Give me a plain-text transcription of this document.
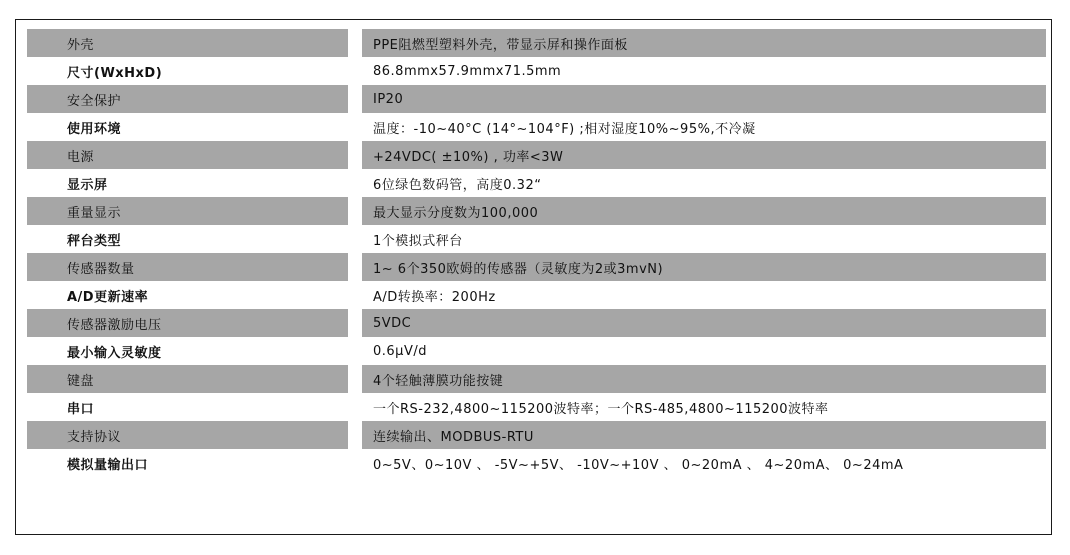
外壳		PPE阻燃型塑料外壳，带显示屏和操作面板
尺寸(WxHxD)		86.8mmx57.9mmx71.5mm
安全保护		IP20
使用环境		温度：-10~40°C (14°~104°F) ;相对湿度10%~95%,不冷凝
电源		+24VDC( ±10%) , 功率<3W
显示屏		6位绿色数码管，高度0.32“
重量显示		最大显示分度数为100,000
秤台类型		1个模拟式秤台
传感器数量		1~ 6个350欧姆的传感器（灵敏度为2或3mvN)
A/D更新速率		A/D转换率：200Hz
传感器激励电压		5VDC
最小输入灵敏度		0.6μV/d
键盘		4个轻触薄膜功能按键
串口		一个RS-232,4800~115200波特率；一个RS-485,4800~115200波特率
支持协议		连续输出、MODBUS-RTU
模拟量输出口		0~5V、0~10V 、 -5V~+5V、 -10V~+10V 、 0~20mA 、 4~20mA、 0~24mA
